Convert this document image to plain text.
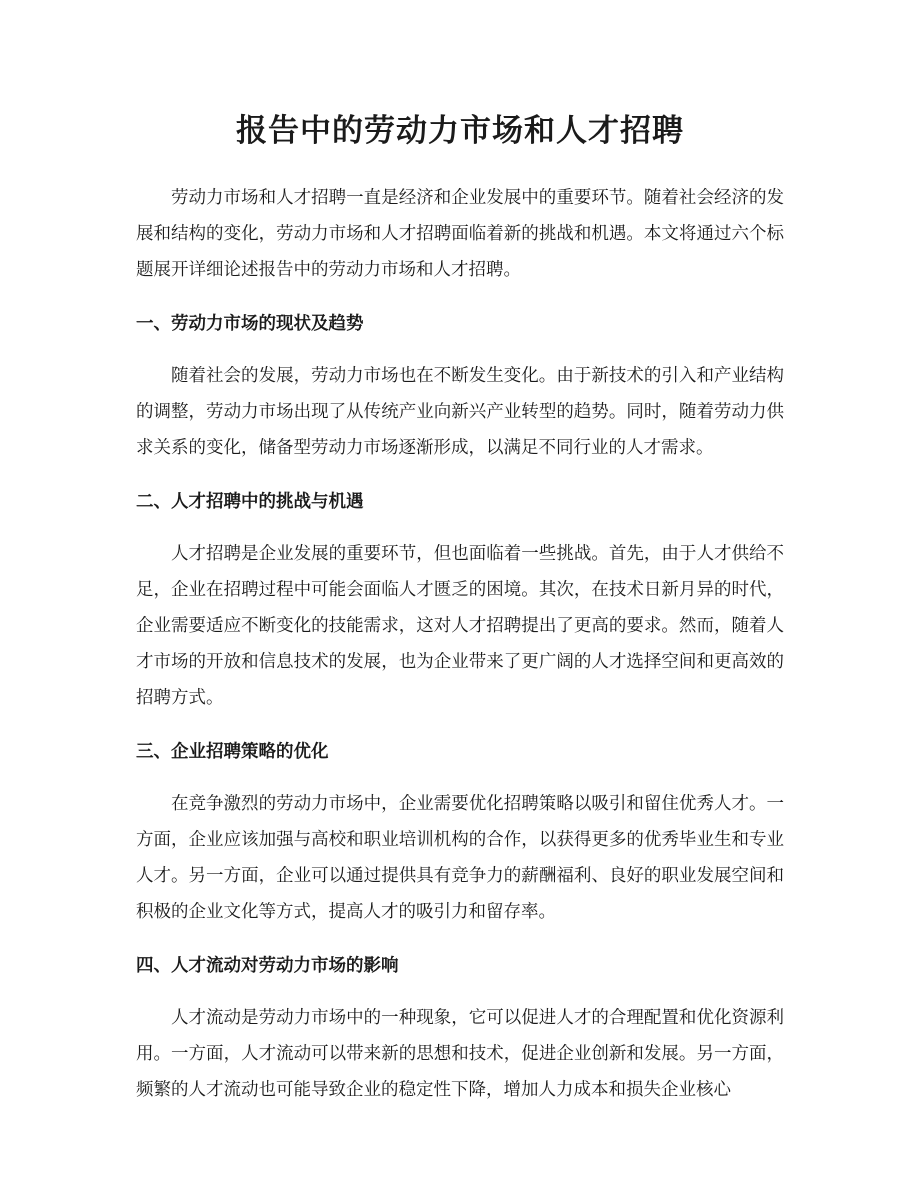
报告中的劳动力市场和人才招聘

劳动力市场和人才招聘一直是经济和企业发展中的重要环节。随着社会经济的发展和结构的变化，劳动力市场和人才招聘面临着新的挑战和机遇。本文将通过六个标题展开详细论述报告中的劳动力市场和人才招聘。

一、劳动力市场的现状及趋势

随着社会的发展，劳动力市场也在不断发生变化。由于新技术的引入和产业结构的调整，劳动力市场出现了从传统产业向新兴产业转型的趋势。同时，随着劳动力供求关系的变化，储备型劳动力市场逐渐形成，以满足不同行业的人才需求。

二、人才招聘中的挑战与机遇

人才招聘是企业发展的重要环节，但也面临着一些挑战。首先，由于人才供给不足，企业在招聘过程中可能会面临人才匮乏的困境。其次，在技术日新月异的时代，企业需要适应不断变化的技能需求，这对人才招聘提出了更高的要求。然而，随着人才市场的开放和信息技术的发展，也为企业带来了更广阔的人才选择空间和更高效的招聘方式。

三、企业招聘策略的优化

在竞争激烈的劳动力市场中，企业需要优化招聘策略以吸引和留住优秀人才。一方面，企业应该加强与高校和职业培训机构的合作，以获得更多的优秀毕业生和专业人才。另一方面，企业可以通过提供具有竞争力的薪酬福利、良好的职业发展空间和积极的企业文化等方式，提高人才的吸引力和留存率。

四、人才流动对劳动力市场的影响

人才流动是劳动力市场中的一种现象，它可以促进人才的合理配置和优化资源利用。一方面，人才流动可以带来新的思想和技术，促进企业创新和发展。另一方面，频繁的人才流动也可能导致企业的稳定性下降，增加人力成本和损失企业核心
